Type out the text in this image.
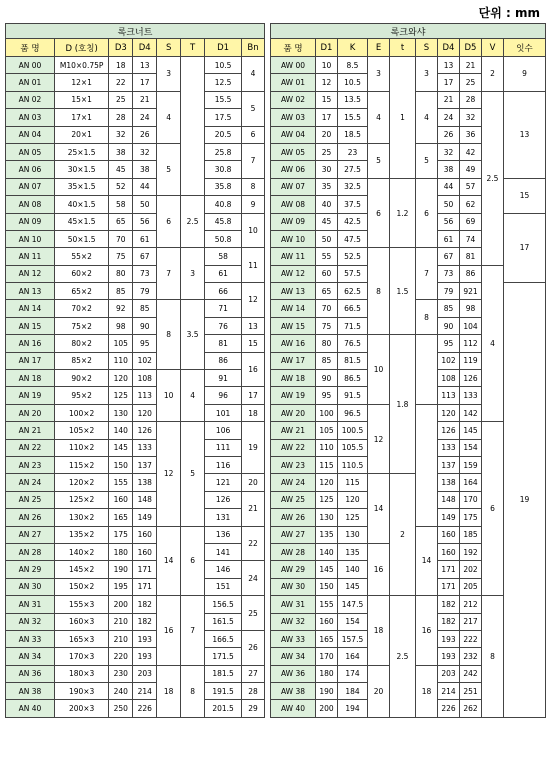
단위 : mm
록크너트							
품 명	D (호칭)	D3	D4	S	T	D1	Bn
AN 00	M10×0.75P	18	13	3		10.5	4
AN 01	12×1	22	17			12.5	
AN 02	15×1	25	21	4		15.5	5
AN 03	17×1	28	24			17.5	
AN 04	20×1	32	26			20.5	6
AN 05	25×1.5	38	32	5		25.8	7
AN 06	30×1.5	45	38			30.8	
AN 07	35×1.5	52	44			35.8	8
AN 08	40×1.5	58	50	6	2.5	40.8	9
AN 09	45×1.5	65	56			45.8	10
AN 10	50×1.5	70	61			50.8	
AN 11	55×2	75	67	7	3	58	11
AN 12	60×2	80	73			61	
AN 13	65×2	85	79			66	12
AN 14	70×2	92	85	8	3.5	71	
AN 15	75×2	98	90			76	13
AN 16	80×2	105	95			81	15
AN 17	85×2	110	102			86	16
AN 18	90×2	120	108	10	4	91	
AN 19	95×2	125	113			96	17
AN 20	100×2	130	120			101	18
AN 21	105×2	140	126	12	5	106	19
AN 22	110×2	145	133			111	
AN 23	115×2	150	137			116	
AN 24	120×2	155	138			121	20
AN 25	125×2	160	148			126	21
AN 26	130×2	165	149			131	
AN 27	135×2	175	160	14	6	136	22
AN 28	140×2	180	160			141	
AN 29	145×2	190	171			146	24
AN 30	150×2	195	171			151	
AN 31	155×3	200	182	16	7	156.5	25
AN 32	160×3	210	182			161.5	
AN 33	165×3	210	193			166.5	26
AN 34	170×3	220	193			171.5	
AN 36	180×3	230	203	18	8	181.5	27
AN 38	190×3	240	214			191.5	28
AN 40	200×3	250	226			201.5	29
록크와샤									
품 명	D1	K	E	t	S	D4	D5	V	잇수
AW 00	10	8.5	3	1	3	13	21	2	9
AW 01	12	10.5				17	25		
AW 02	15	13.5	4		4	21	28	2.5	13
AW 03	17	15.5				24	32		
AW 04	20	18.5				26	36		
AW 05	25	23	5		5	32	42		
AW 06	30	27.5				38	49		
AW 07	35	32.5	6	1.2	6	44	57		15
AW 08	40	37.5				50	62		
AW 09	45	42.5				56	69		17
AW 10	50	47.5				61	74		
AW 11	55	52.5	8	1.5	7	67	81		
AW 12	60	57.5				73	86	4	
AW 13	65	62.5				79	921		19
AW 14	70	66.5			8	85	98		
AW 15	75	71.5				90	104		
AW 16	80	76.5	10	1.8		95	112		
AW 17	85	81.5				102	119		
AW 18	90	86.5				108	126		
AW 19	95	91.5				113	133		
AW 20	100	96.5	12			120	142		
AW 21	105	100.5				126	145	6	
AW 22	110	105.5				133	154		
AW 23	115	110.5				137	159		
AW 24	120	115	14	2		138	164		
AW 25	125	120				148	170		
AW 26	130	125				149	175		
AW 27	135	130			14	160	185		
AW 28	140	135	16			160	192		
AW 29	145	140				171	202		
AW 30	150	145				171	205		
AW 31	155	147.5	18	2.5	16	182	212	8	
AW 32	160	154				182	217		
AW 33	165	157.5				193	222		
AW 34	170	164				193	232		
AW 36	180	174	20		18	203	242		
AW 38	190	184				214	251		
AW 40	200	194				226	262		
